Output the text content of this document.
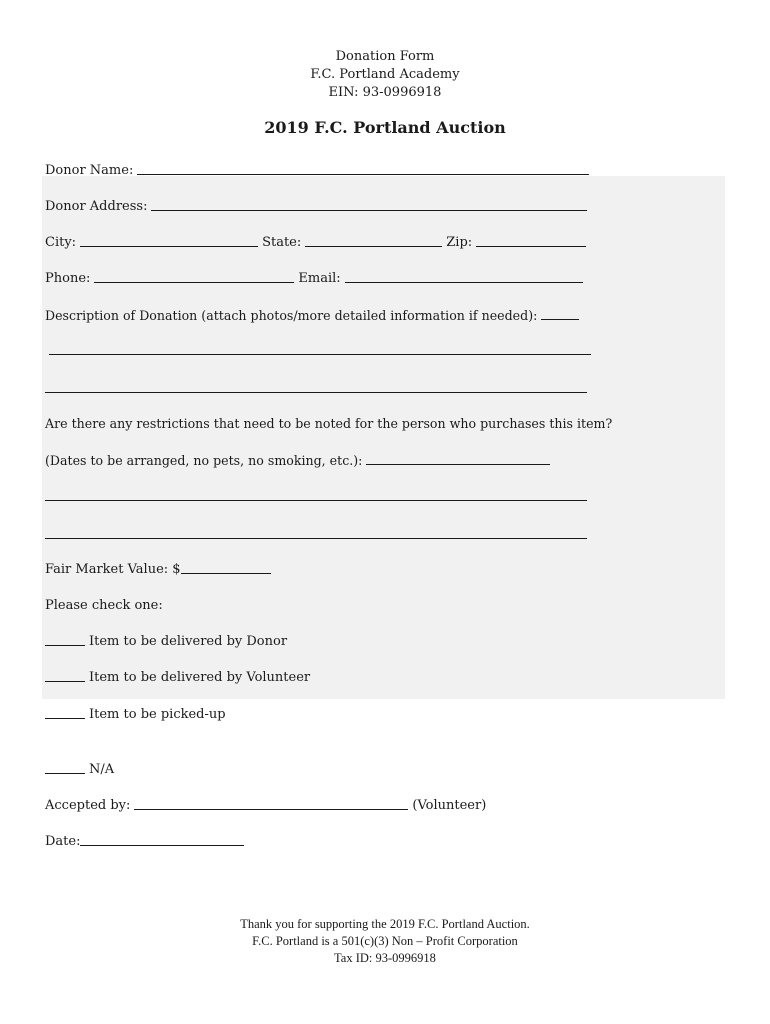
Donation Form
F.C. Portland Academy
EIN: 93-0996918
2019 F.C. Portland Auction
Donor Name:
Donor Address:
City:	State:	Zip:
Phone:	Email:
Description of Donation (attach photos/more detailed information if needed):
Are there any restrictions that need to be noted for the person who purchases this item?
(Dates to be arranged, no pets, no smoking, etc.):
Fair Market Value: $
Please check one:
Item to be delivered by Donor
Item to be delivered by Volunteer
Item to be picked-up
N/A
Accepted by:	(Volunteer)
Date:
Thank you for supporting the 2019 F.C. Portland Auction.
F.C. Portland is a 501(c)(3) Non – Profit Corporation
Tax ID: 93-0996918
